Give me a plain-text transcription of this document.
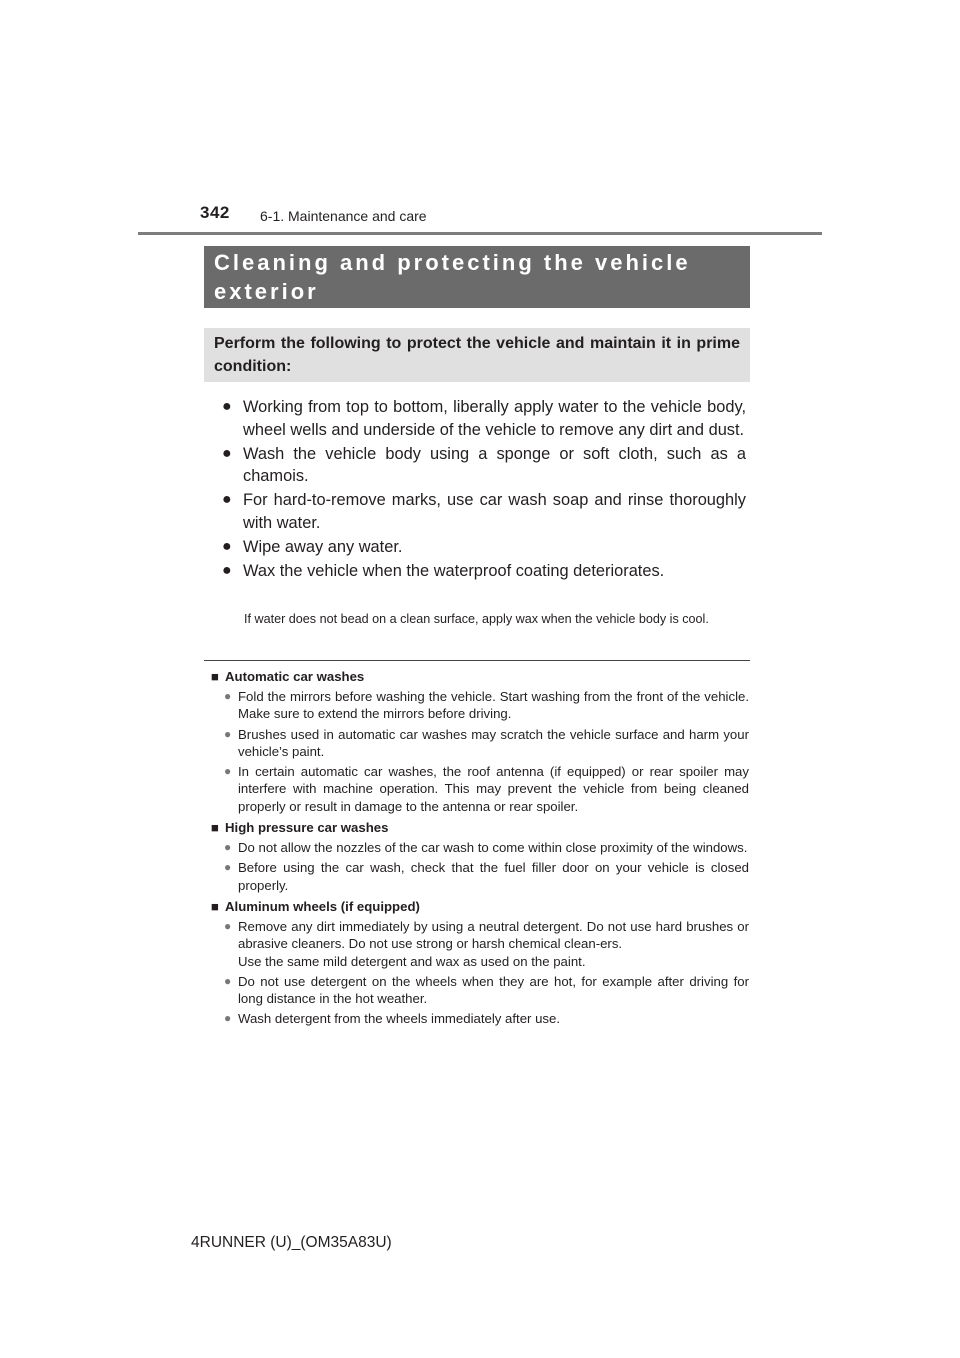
342 6-1. Maintenance and care
Cleaning and protecting the vehicle exterior
Perform the following to protect the vehicle and maintain it in prime condition:
● Working from top to bottom, liberally apply water to the vehicle body, wheel wells and underside of the vehicle to remove any dirt and dust.
● Wash the vehicle body using a sponge or soft cloth, such as a chamois.
● For hard-to-remove marks, use car wash soap and rinse thoroughly with water.
● Wipe away any water.
● Wax the vehicle when the waterproof coating deteriorates.
If water does not bead on a clean surface, apply wax when the vehicle body is cool.
■ Automatic car washes
● Fold the mirrors before washing the vehicle. Start washing from the front of the vehicle. Make sure to extend the mirrors before driving.
● Brushes used in automatic car washes may scratch the vehicle surface and harm your vehicle’s paint.
● In certain automatic car washes, the roof antenna (if equipped) or rear spoiler may interfere with machine operation. This may prevent the vehicle from being cleaned properly or result in damage to the antenna or rear spoiler.
■ High pressure car washes
● Do not allow the nozzles of the car wash to come within close proximity of the windows.
● Before using the car wash, check that the fuel filler door on your vehicle is closed properly.
■ Aluminum wheels (if equipped)
● Remove any dirt immediately by using a neutral detergent. Do not use hard brushes or abrasive cleaners. Do not use strong or harsh chemical clean-ers.
Use the same mild detergent and wax as used on the paint.
● Do not use detergent on the wheels when they are hot, for example after driving for long distance in the hot weather.
● Wash detergent from the wheels immediately after use.
4RUNNER (U)_(OM35A83U)
